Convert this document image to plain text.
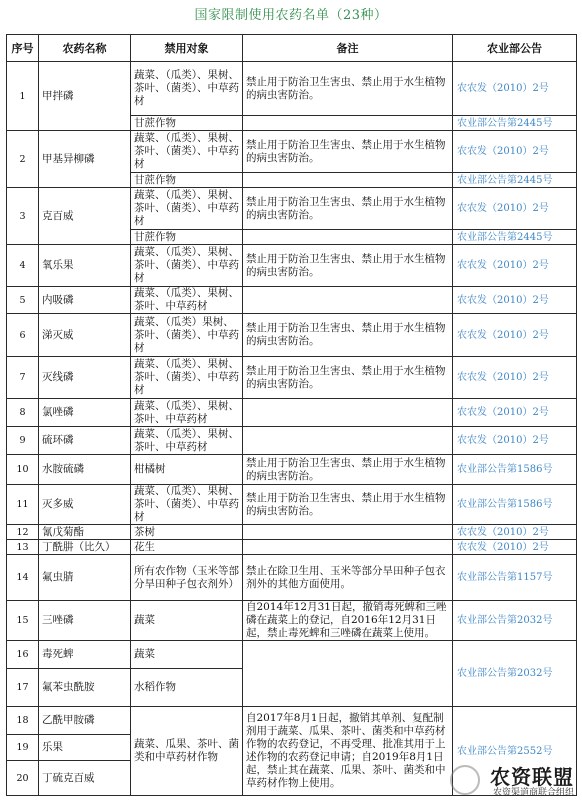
国家限制使用农药名单（23种）
序号	农药名称	禁用对象	备注	农业部公告
1	甲拌磷	蔬菜、（瓜类）、果树、茶叶、（菌类）、中草药材	禁止用于防治卫生害虫、禁止用于水生植物的病虫害防治。	农农发（2010）2号
		甘蔗作物		农业部公告第2445号
2	甲基异柳磷	蔬菜、（瓜类）、果树、茶叶、（菌类）、中草药材	禁止用于防治卫生害虫、禁止用于水生植物的病虫害防治。	农农发（2010）2号
		甘蔗作物		农业部公告第2445号
3	克百威	蔬菜、（瓜类）、果树、茶叶、（菌类）、中草药材	禁止用于防治卫生害虫、禁止用于水生植物的病虫害防治。	农农发（2010）2号
		甘蔗作物		农业部公告第2445号
4	氧乐果	蔬菜、（瓜类）、果树、茶叶、（菌类）、中草药材	禁止用于防治卫生害虫、禁止用于水生植物的病虫害防治。	农农发（2010）2号
5	内吸磷	蔬菜、（瓜类）、果树、茶叶、中草药材		农农发（2010）2号
6	涕灭威	蔬菜、（瓜类）果树、茶叶、（菌类）、中草药材	禁止用于防治卫生害虫、禁止用于水生植物的病虫害防治。	农农发（2010）2号
7	灭线磷	蔬菜、（瓜类）、果树、茶叶、（菌类）、中草药材	禁止用于防治卫生害虫、禁止用于水生植物的病虫害防治。	农农发（2010）2号
8	氯唑磷	蔬菜、（瓜类）、果树、茶叶、中草药材		农农发（2010）2号
9	硫环磷	蔬菜、（瓜类）、果树、茶叶、中草药材		农农发（2010）2号
10	水胺硫磷	柑橘树	禁止用于防治卫生害虫、禁止用于水生植物的病虫害防治。	农业部公告第1586号
11	灭多威	蔬菜、（瓜类）、果树、茶叶、（菌类）、中草药材	禁止用于防治卫生害虫、禁止用于水生植物的病虫害防治。	农业部公告第1586号
12	氰戊菊酯	茶树		农农发（2010）2号
13	丁酰肼（比久）	花生		农农发（2010）2号
14	氟虫腈	所有农作物（玉米等部分旱田种子包衣剂外）	禁止在除卫生用、玉米等部分旱田种子包衣剂外的其他方面使用。	农业部公告第1157号
15	三唑磷	蔬菜	自2014年12月31日起，撤销毒死蜱和三唑磷在蔬菜上的登记，自2016年12月31日起，禁止毒死蜱和三唑磷在蔬菜上使用。	农业部公告第2032号
16	毒死蜱	蔬菜		农业部公告第2032号
17	氟苯虫酰胺	水稻作物		
18	乙酰甲胺磷	蔬菜、瓜果、茶叶、菌类和中草药材作物	自2017年8月1日起，撤销其单剂、复配制剂用于蔬菜、瓜果、茶叶、菌类和中草药材作物的农药登记，不再受理、批准其用于上述作物的农药登记申请；自2019年8月1日起，禁止其在蔬菜、瓜果、茶叶、菌类和中草药材作物上使用。	农业部公告第2552号
19	乐果			
20	丁硫克百威				农资联盟
农资渠道商联合组织
